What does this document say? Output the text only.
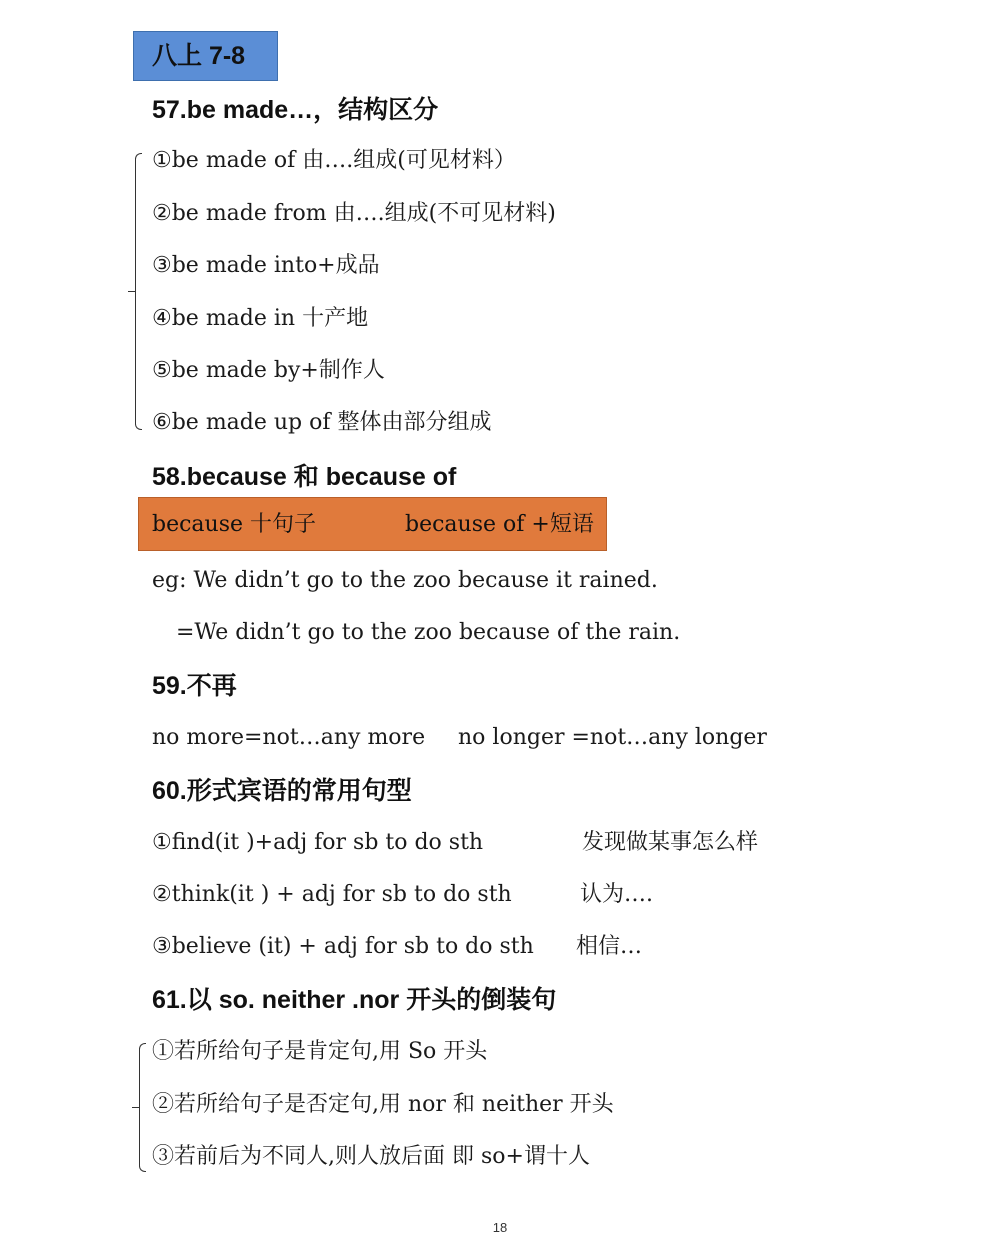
八上 7-8
57.be made…，结构区分
①be made of 由….组成(可见材料）
②be made from 由….组成(不可见材料)
③be made into+成品
④be made in 十产地
⑤be made by+制作人
⑥be made up of 整体由部分组成
58.because 和 because of
because 十句子	because of +短语
eg: We didn’t go to the zoo because it rained.
=We didn’t go to the zoo because of the rain.
59.不再
no more=not…any more no longer =not…any longer
60.形式宾语的常用句型
①find(it )+adj for sb to do sth	发现做某事怎么样
②think(it ) + adj for sb to do sth	认为….
③believe (it) + adj for sb to do sth 相信…
61.以 so. neither .nor 开头的倒装句
①若所给句子是肯定句,用 So 开头
②若所给句子是否定句,用 nor 和 neither 开头
③若前后为不同人,则人放后面 即 so+谓十人
18
